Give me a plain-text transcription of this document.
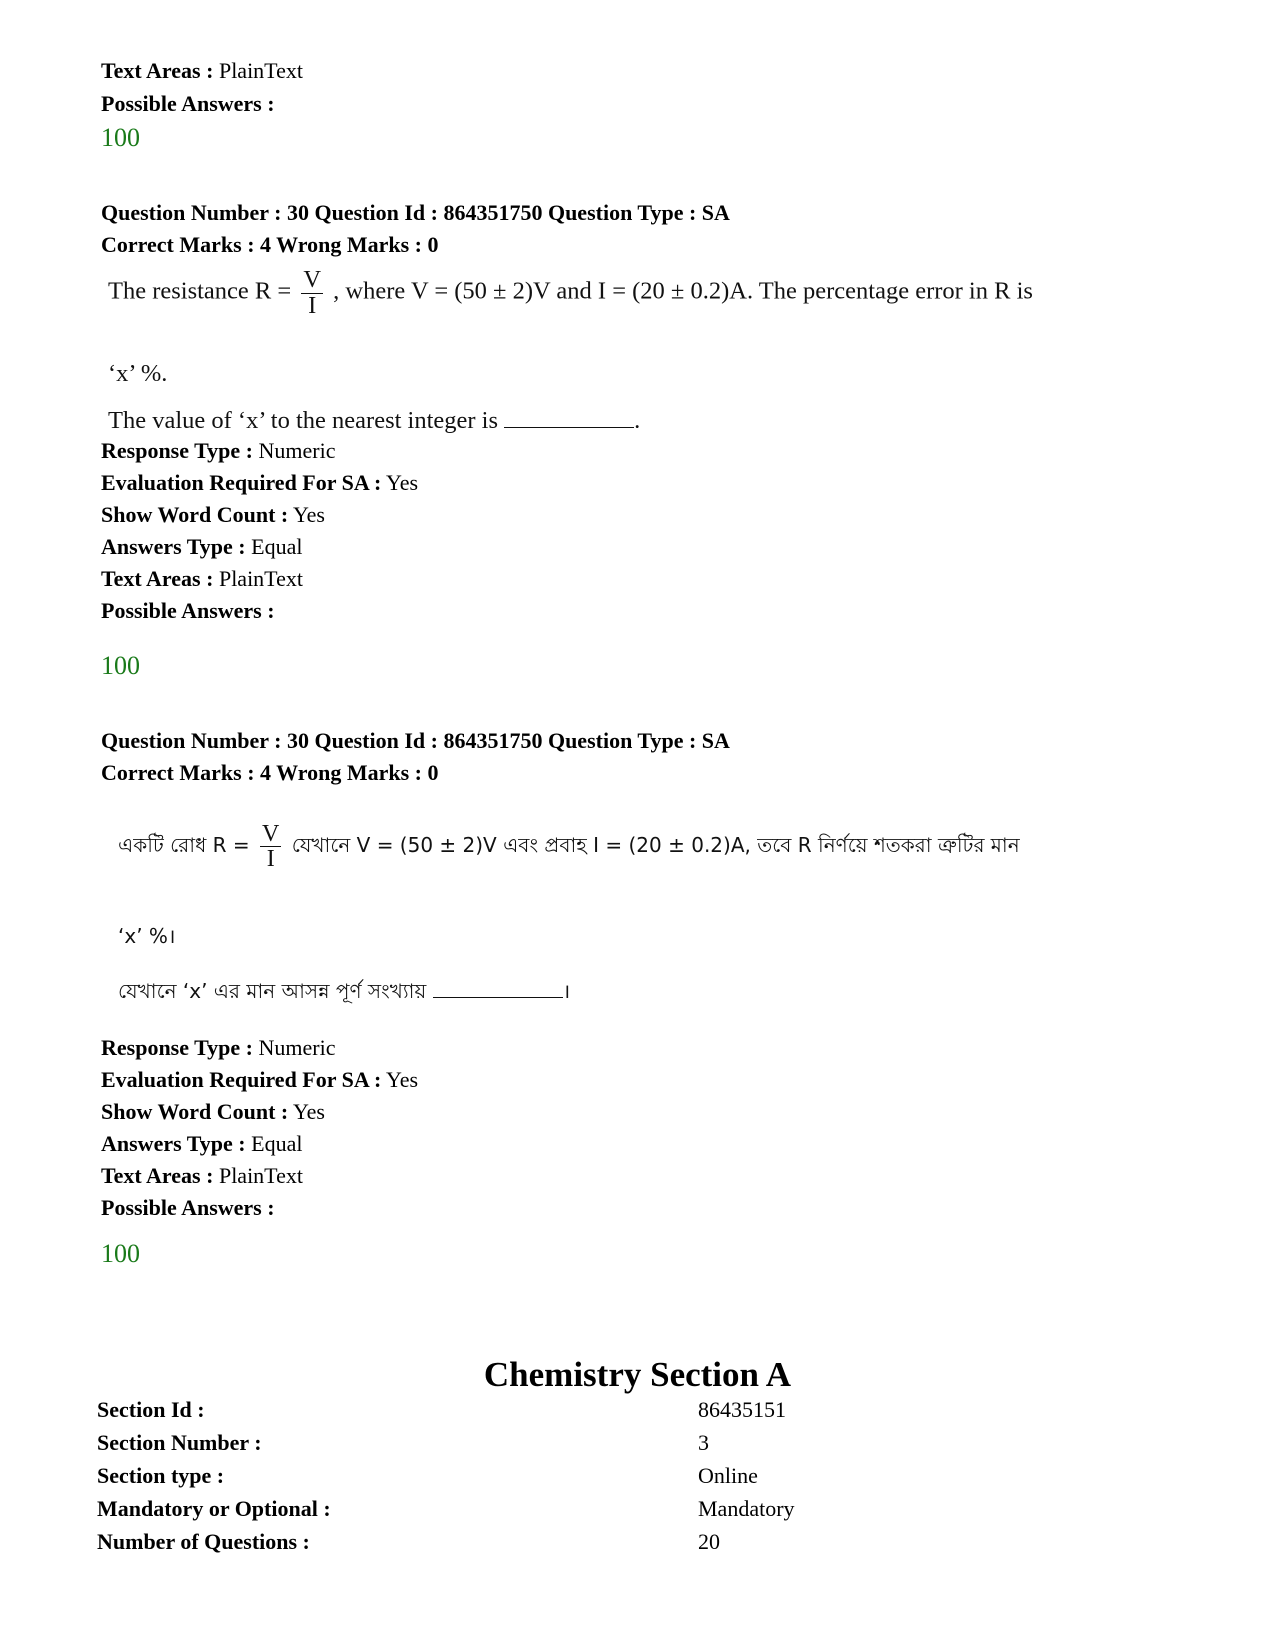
Text Areas : PlainText
Possible Answers :
100
Question Number : 30 Question Id : 864351750 Question Type : SA
Correct Marks : 4 Wrong Marks : 0
The resistance $R = \frac{V}{I}$ , where V = (50 ± 2)V and I = (20 ± 0.2)A. The percentage error in R is
‘x’ %.
The value of ‘x’ to the nearest integer is	.
Response Type : Numeric
Evaluation Required For SA : Yes
Show Word Count : Yes
Answers Type : Equal
Text Areas : PlainText
Possible Answers :
100
Question Number : 30 Question Id : 864351750 Question Type : SA
Correct Marks : 4 Wrong Marks : 0
একটি রোধ $R = \frac{V}{I}$ যেখানে V = (50 ± 2)V এবং প্রবাহ I = (20 ± 0.2)A, তবে R নির্ণয়ে শতকরা ত্রুটির মান
‘x’ %।
যেখানে ‘x’ এর মান আসন্ন পূর্ণ সংখ্যায়	।
Response Type : Numeric
Evaluation Required For SA : Yes
Show Word Count : Yes
Answers Type : Equal
Text Areas : PlainText
Possible Answers :
100
Chemistry Section A
Section Id :	86435151
Section Number :	3
Section type :	Online
Mandatory or Optional :	Mandatory
Number of Questions :	20
